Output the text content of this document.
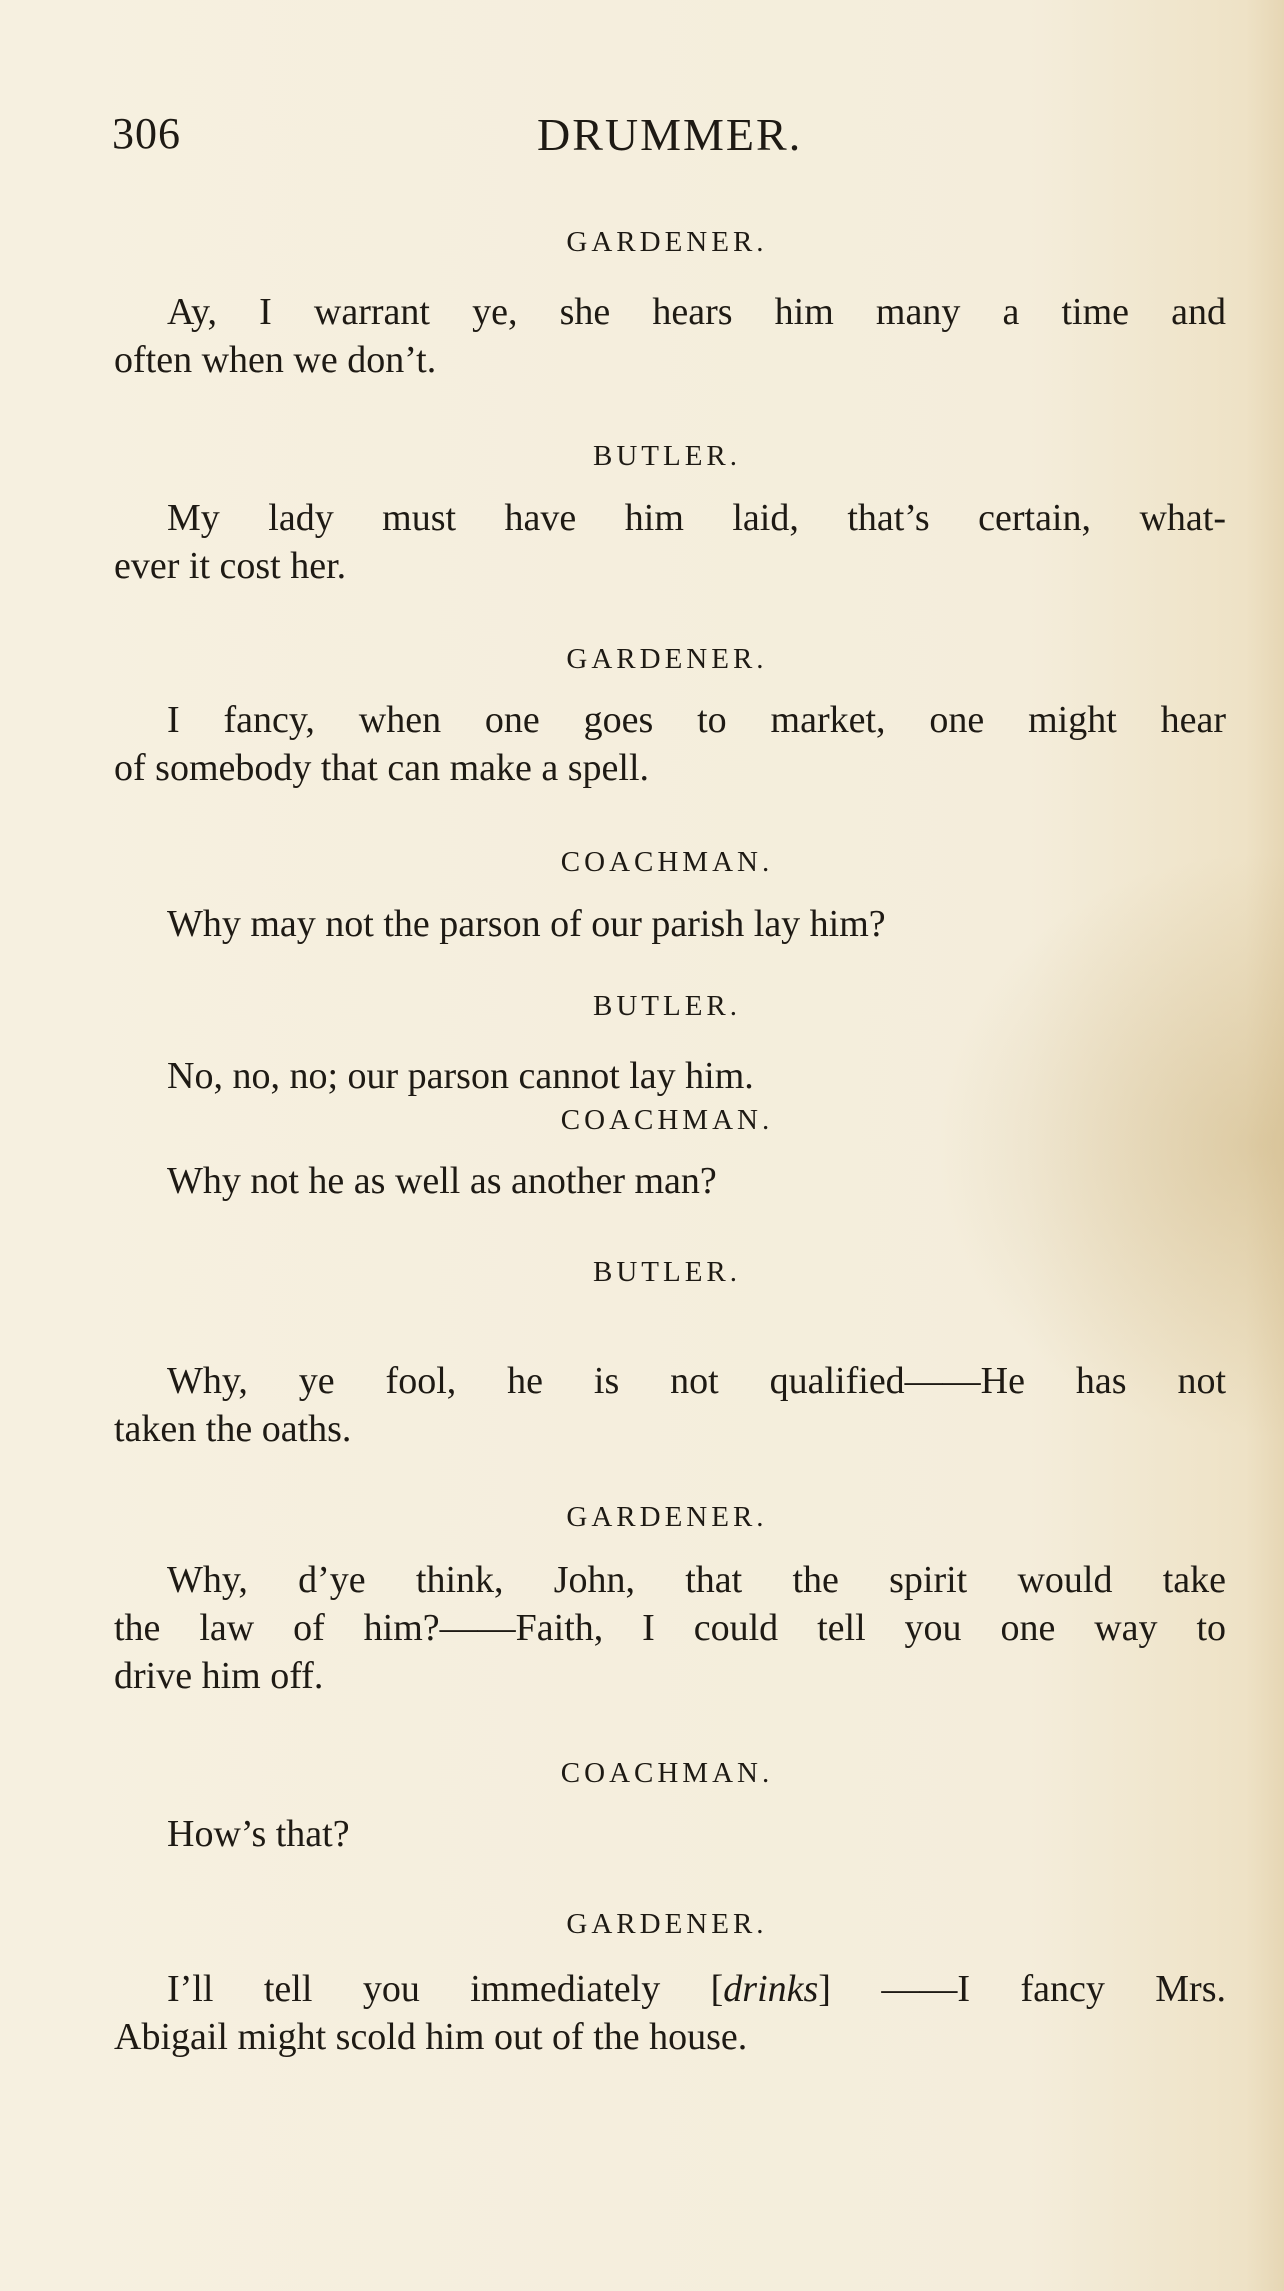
306	DRUMMER.
GARDENER.
Ay, I warrant ye, she hears him many a time and
often when we don’t.
BUTLER.
My lady must have him laid, that’s certain, what-
ever it cost her.
GARDENER.
I fancy, when one goes to market, one might hear
of somebody that can make a spell.
COACHMAN.
Why may not the parson of our parish lay him?
BUTLER.
No, no, no; our parson cannot lay him.
COACHMAN.
Why not he as well as another man?
BUTLER.
Why, ye fool, he is not qualified——He has not
taken the oaths.
GARDENER.
Why, d’ye think, John, that the spirit would take
the law of him?——Faith, I could tell you one way to
drive him off.
COACHMAN.
How’s that?
GARDENER.
I’ll tell you immediately [drinks] ——I fancy Mrs.
Abigail might scold him out of the house.
